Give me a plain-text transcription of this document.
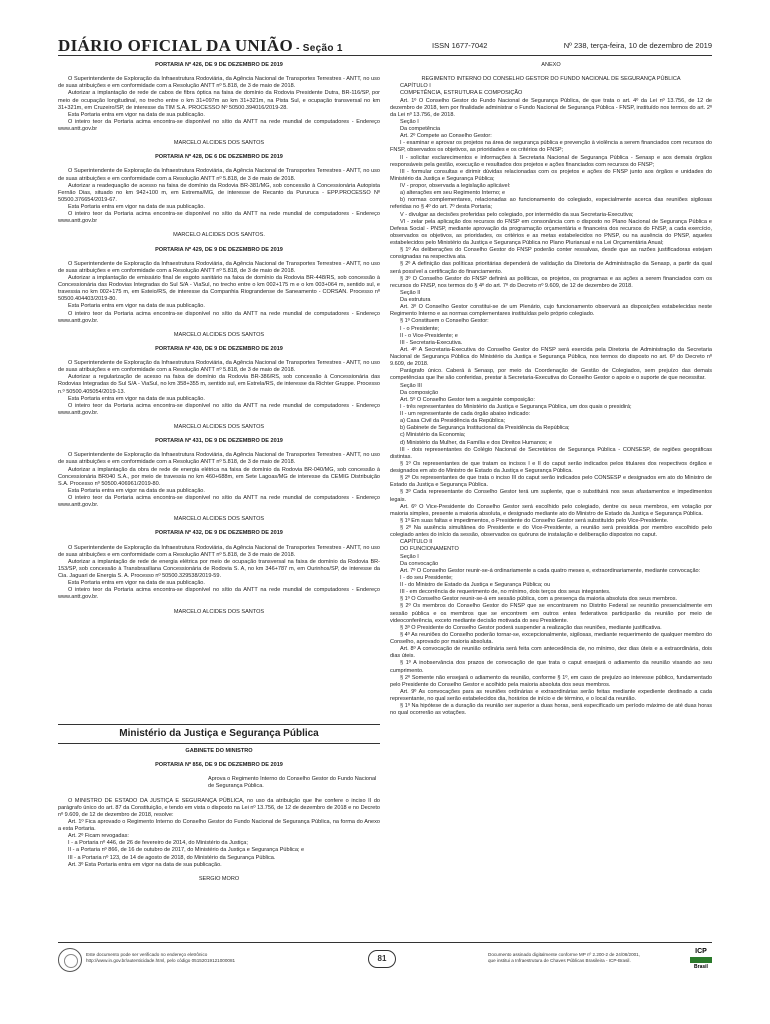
DIÁRIO OFICIAL DA UNIÃO - Seção 1	ISSN 1677-7042	Nº 238, terça-feira, 10 de dezembro de 2019

PORTARIA Nº 426, DE 9 DE DEZEMBRO DE 2019

O Superintendente de Exploração da Infraestrutura Rodoviária, da Agência Nacional de Transportes Terrestres - ANTT, no uso de suas atribuições e em conformidade com a Resolução ANTT nº 5.818, de 3 de maio de 2018.

Autorizar a implantação de rede de cabos de fibra óptica na faixa de domínio da Rodovia Presidente Dutra, BR-116/SP, por meio de ocupação longitudinal, no trecho entre o km 31+097m ao km 31+321m, na Pista Sul, e ocupação transversal no km 31+321m, em Cruzeiro/SP, de interesse da TIM S.A. PROCESSO Nº 50500.394016/2019-28.

Esta Portaria entra em vigor na data de sua publicação.

O inteiro teor da Portaria acima encontra-se disponível no sítio da ANTT na rede mundial de computadores - Endereço www.antt.gov.br

MARCELO ALCIDES DOS SANTOS

PORTARIA Nº 428, DE 6 DE DEZEMBRO DE 2019

O Superintendente de Exploração da Infraestrutura Rodoviária, da Agência Nacional de Transportes Terrestres - ANTT, no uso de suas atribuições e em conformidade com a Resolução ANTT nº 5.818, de 3 de maio de 2018.

Autorizar a readequação de acesso na faixa de domínio da Rodovia BR-381/MG, sob concessão à Concessionária Autopista Fernão Dias, situado no km 942+100 m, em Extrema/MG, de interesse de Recanto da Pururuca - EPP.PROCESSO Nº 50500.376654/2019-67.

Esta Portaria entra em vigor na data de sua publicação.

O inteiro teor da Portaria acima encontra-se disponível no sítio da ANTT na rede mundial de computadores - Endereço www.antt.gov.br

MARCELO ALCIDES DOS SANTOS.

PORTARIA Nº 429, DE 9 DE DEZEMBRO DE 2019

O Superintendente de Exploração da Infraestrutura Rodoviária, da Agência Nacional de Transportes Terrestres - ANTT, no uso de suas atribuições e em conformidade com a Resolução ANTT nº 5.818, de 3 de maio de 2018.

Autorizar a implantação de emissário final de esgoto sanitário na faixa de domínio da Rodovia BR-448/RS, sob concessão à Concessionária das Rodovias Integradas do Sul S/A - ViaSul, no trecho entre o km 002+175 m e o km 003+064 m, sentido sul, e travessia no km 002+175 m, em Esteio/RS, de interesse da Companhia Riograndense de Saneamento - CORSAN. Processo nº 50500.404403/2019-80.

Esta Portaria entra em vigor na data de sua publicação.

O inteiro teor da Portaria acima encontra-se disponível no sítio da ANTT na rede mundial de computadores - Endereço www.antt.gov.br.

MARCELO ALCIDES DOS SANTOS

PORTARIA Nº 430, DE 9 DE DEZEMBRO DE 2019

O Superintendente de Exploração da Infraestrutura Rodoviária, da Agência Nacional de Transportes Terrestres - ANTT, no uso de suas atribuições e em conformidade com a Resolução ANTT nº 5.818, de 3 de maio de 2018.

Autorizar a regularização de acesso na faixa de domínio da Rodovia BR-386/RS, sob concessão à Concessionária das Rodovias Integradas do Sul S/A - ViaSul, no km 358+355 m, sentido sul, em Estrela/RS, de interesse da Richter Gruppe. Processo n.º 50500.405054/2019-13.

Esta Portaria entra em vigor na data de sua publicação.

O inteiro teor da Portaria acima encontra-se disponível no sítio da ANTT na rede mundial de computadores - Endereço www.antt.gov.br.

MARCELO ALCIDES DOS SANTOS

PORTARIA Nº 431, DE 9 DE DEZEMBRO DE 2019

O Superintendente de Exploração da Infraestrutura Rodoviária, da Agência Nacional de Transportes Terrestres - ANTT, no uso de suas atribuições e em conformidade com a Resolução ANTT nº 5.818, de 3 de maio de 2018.

Autorizar a implantação da obra de rede de energia elétrica na faixa de domínio da Rodovia BR-040/MG, sob concessão à Concessionária BR040 S.A., por meio de travessia no km 460+688m, em Sete Lagoas/MG de interesse da CEMIG Distribuição S.A. Processo nº 50500.406961/2019-80.

Esta Portaria entra em vigor na data de sua publicação.

O inteiro teor da Portaria acima encontra-se disponível no sítio da ANTT na rede mundial de computadores - Endereço www.antt.gov.br.

MARCELO ALCIDES DOS SANTOS

PORTARIA Nº 432, DE 9 DE DEZEMBRO DE 2019

O Superintendente de Exploração da Infraestrutura Rodoviária, da Agência Nacional de Transportes Terrestres - ANTT, no uso de suas atribuições e em conformidade com a Resolução ANTT nº 5.818, de 3 de maio de 2018.

Autorizar a implantação de rede de energia elétrica por meio de ocupação transversal na faixa de domínio da Rodovia BR-153/SP, sob concessão à Transbrasiliana Concessionária de Rodovia S. A, no km 346+787 m, em Ourinhos/SP, de interesse da Cia. Jaguari de Energia S. A. Processo nº 50500.329538/2019-59.

Esta Portaria entra em vigor na data de sua publicação.

O inteiro teor da Portaria acima encontra-se disponível no sítio da ANTT na rede mundial de computadores - Endereço www.antt.gov.br.

MARCELO ALCIDES DOS SANTOS

Ministério da Justiça e Segurança Pública

GABINETE DO MINISTRO

PORTARIA Nº 856, DE 9 DE DEZEMBRO DE 2019

Aprova o Regimento Interno do Conselho Gestor do Fundo Nacional de Segurança Pública.

O MINISTRO DE ESTADO DA JUSTIÇA E SEGURANÇA PÚBLICA, no uso da atribuição que lhe confere o inciso II do parágrafo único do art. 87 da Constituição, e tendo em vista o disposto na Lei nº 13.756, de 12 de dezembro de 2018 e no Decreto nº 9.609, de 12 de dezembro de 2018, resolve:

Art. 1º Fica aprovado o Regimento Interno do Conselho Gestor do Fundo Nacional de Segurança Pública, na forma do Anexo a esta Portaria.

Art. 2º Ficam revogadas:

I - a Portaria nº 446, de 26 de fevereiro de 2014, do Ministério da Justiça;

II - a Portaria nº 866, de 16 de outubro de 2017, do Ministério da Justiça e Segurança Pública; e

III - a Portaria nº 123, de 14 de agosto de 2018, do Ministério da Segurança Pública.

Art. 3º Esta Portaria entra em vigor na data de sua publicação.

SERGIO MORO

ANEXO

REGIMENTO INTERNO DO CONSELHO GESTOR DO FUNDO NACIONAL DE SEGURANÇA PÚBLICA

CAPÍTULO I

COMPETÊNCIA, ESTRUTURA E COMPOSIÇÃO

Art. 1º O Conselho Gestor do Fundo Nacional de Segurança Pública, de que trata o art. 4º da Lei nº 13.756, de 12 de dezembro de 2018, tem por finalidade administrar o Fundo Nacional de Segurança Pública - FNSP, instituído nos termos do art. 2º da Lei nº 13.756, de 2018.

Seção I

Da competência

Art. 2º Compete ao Conselho Gestor:

I - examinar e aprovar os projetos na área de segurança pública e prevenção à violência a serem financiados com recursos do FNSP, observados os objetivos, as prioridades e os critérios do FNSP;

II - solicitar esclarecimentos e informações à Secretaria Nacional de Segurança Pública - Senasp e aos demais órgãos responsáveis pela gestão, execução e resultados dos projetos e ações financiados com recursos do FNSP;

III - formular consultas e dirimir dúvidas relacionadas com os projetos e ações do FNSP junto aos órgãos e unidades do Ministério da Justiça e Segurança Pública;

IV - propor, observada a legislação aplicável:

a) alterações em seu Regimento Interno; e

b) normas complementares, relacionadas ao funcionamento do colegiado, especialmente acerca das reuniões sigilosas referidas no § 4º do art. 7º desta Portaria;

V - divulgar as decisões proferidas pelo colegiado, por intermédio da sua Secretaria-Executiva;

VI - zelar pela aplicação dos recursos do FNSP em consonância com o disposto no Plano Nacional de Segurança Pública e Defesa Social - PNSP, mediante aprovação da programação orçamentária e financeira dos recursos do FNSP, a cada exercício, observados os objetivos, as prioridades, os critérios e as metas estabelecidos no PNSP, ou na ausência do PNSP, aqueles estabelecidos pelo Ministério da Justiça e Segurança Pública no Plano Plurianual e na Lei Orçamentária Anual;

§ 1º As deliberações do Conselho Gestor do FNSP poderão conter ressalvas, desde que as razões justificadoras estejam consignadas na respectiva ata.

§ 2º A definição das políticas prioritárias dependerá de validação da Diretoria de Administração da Senasp, a partir da qual será possível a certificação do financiamento.

§ 3º O Conselho Gestor do FNSP definirá as políticas, os projetos, os programas e as ações a serem financiados com os recursos do FNSP, nos termos do § 4º do art. 7º do Decreto nº 9.609, de 12 de dezembro de 2018.

Seção II

Da estrutura

Art. 3º O Conselho Gestor constitui-se de um Plenário, cujo funcionamento observará as disposições estabelecidas neste Regimento Interno e as normas complementares instituídas pelo próprio colegiado.

§ 1º Constituem o Conselho Gestor:

I - o Presidente;

II - o Vice-Presidente; e

III - Secretaria-Executiva.

Art. 4º A Secretaria-Executiva do Conselho Gestor do FNSP será exercida pela Diretoria de Administração da Secretaria Nacional de Segurança Pública do Ministério da Justiça e Segurança Pública, nos termos do disposto no art. 6º do Decreto nº 9.609, de 2018.

Parágrafo único. Caberá à Senasp, por meio da Coordenação de Gestão de Colegiados, sem prejuízo das demais competências que lhe são conferidas, prestar à Secretaria-Executiva do Conselho Gestor o apoio e o suporte de que necessitar.

Seção III

Da composição

Art. 5º O Conselho Gestor tem a seguinte composição:

I - três representantes do Ministério da Justiça e Segurança Pública, um dos quais o presidirá;

II - um representante de cada órgão abaixo indicado:

a) Casa Civil da Presidência da República;

b) Gabinete de Segurança Institucional da Presidência da República;

c) Ministério da Economia;

d) Ministério da Mulher, da Família e dos Direitos Humanos; e

III - dois representantes do Colégio Nacional de Secretários de Segurança Pública - CONSESP, de regiões geográficas distintas.

§ 1º Os representantes de que tratam os incisos I e II do caput serão indicados pelos titulares dos respectivos órgãos e designados em ato do Ministro de Estado da Justiça e Segurança Pública.

§ 2º Os representantes de que trata o inciso III do caput serão indicados pelo CONSESP e designados em ato do Ministro de Estado da Justiça e Segurança Pública.

§ 3º Cada representante do Conselho Gestor terá um suplente, que o substituirá nos seus afastamentos e impedimentos legais.

Art. 6º O Vice-Presidente do Conselho Gestor será escolhido pelo colegiado, dentre os seus membros, em votação por maioria simples, presente a maioria absoluta, e designado mediante ato do Ministro de Estado da Justiça e Segurança Pública.

§ 1º Em suas faltas e impedimentos, o Presidente do Conselho Gestor será substituído pelo Vice-Presidente.

§ 2º Na ausência simultânea do Presidente e do Vice-Presidente, a reunião será presidida por membro escolhido pelo colegiado antes do início da sessão, observados os quóruns de instalação e deliberação dispostos no caput.

CAPÍTULO II

DO FUNCIONAMENTO

Seção I

Da convocação

Art. 7º O Conselho Gestor reunir-se-á ordinariamente a cada quatro meses e, extraordinariamente, mediante convocação:

I - do seu Presidente;

II - do Ministro de Estado da Justiça e Segurança Pública; ou

III - em decorrência de requerimento de, no mínimo, dois terços dos seus integrantes.

§ 1º O Conselho Gestor reunir-se-á em sessão pública, com a presença da maioria absoluta dos seus membros.

§ 2º Os membros do Conselho Gestor do FNSP que se encontrarem no Distrito Federal se reunirão presencialmente em sessão pública e os membros que se encontrem em outros entes federativos participarão da reunião por meio de videoconferência, exceto mediante decisão motivada do seu Presidente.

§ 3º O Presidente do Conselho Gestor poderá suspender a realização das reuniões, mediante justificativa.

§ 4º As reuniões do Conselho poderão tornar-se, excepcionalmente, sigilosas, mediante requerimento de qualquer membro do Conselho, aprovado por maioria absoluta.

Art. 8º A convocação de reunião ordinária será feita com antecedência de, no mínimo, dez dias úteis e a extraordinária, dois dias úteis.

§ 1º A inobservância dos prazos de convocação de que trata o caput ensejará o adiamento da reunião visando ao seu cumprimento.

§ 2º Somente não ensejará o adiamento da reunião, conforme § 1º, em caso de prejuízo ao interesse público, fundamentado pelo Presidente do Conselho Gestor e acolhido pela maioria absoluta dos seus membros.

Art. 9º As convocações para as reuniões ordinárias e extraordinárias serão feitas mediante expediente destinado a cada representante, no qual serão estabelecidos dia, horários de início e de término, e o local da reunião.

§ 1º Na hipótese de a duração da reunião ser superior a duas horas, será especificado um período máximo de até duas horas no qual ocorrerão as votações.

Este documento pode ser verificado no endereço eletrônico
http://www.in.gov.br/autenticidade.html, pelo código 05152019121000081	81	Documento assinado digitalmente conforme MP nº 2.200-2 de 24/08/2001,
que institui a Infraestrutura de Chaves Públicas Brasileira - ICP-Brasil.
ICP
Brasil
